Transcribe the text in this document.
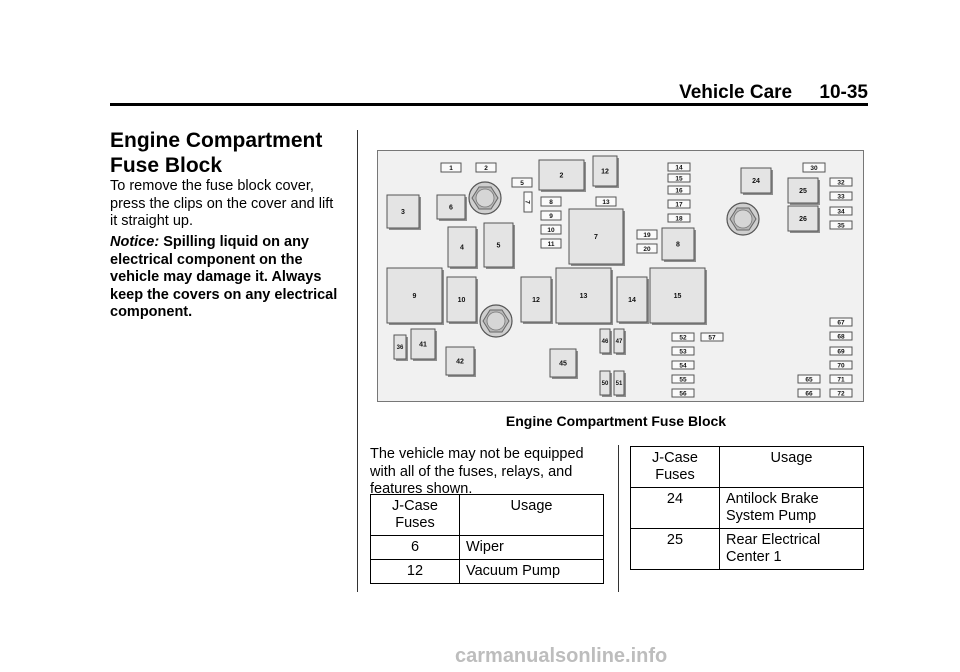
Vehicle Care 10-35
Engine Compartment Fuse Block

To remove the fuse block cover, press the clips on the cover and lift it straight up.

Notice: Spilling liquid on any electrical component on the vehicle may damage it. Always keep the covers on any electrical component.

1	2
5
7	8
9
10
11
13
14
15
16
17
18
19
20
30
32
33
34
35
52
53
54
55
56
57
65
66
67
68
69
70
71
72
2
12
3
6
4	5
7
8
24
25
26
9
10	12
13
14
15
36 41
42	45
46 47
50 51
Engine Compartment Fuse Block

The vehicle may not be equipped with all of the fuses, relays, and features shown.

J-Case Fuses	Usage
6	Wiper
12	Vacuum Pump
J-Case Fuses	Usage
24	Antilock Brake System Pump
25	Rear Electrical Center 1
carmanualsonline.info
